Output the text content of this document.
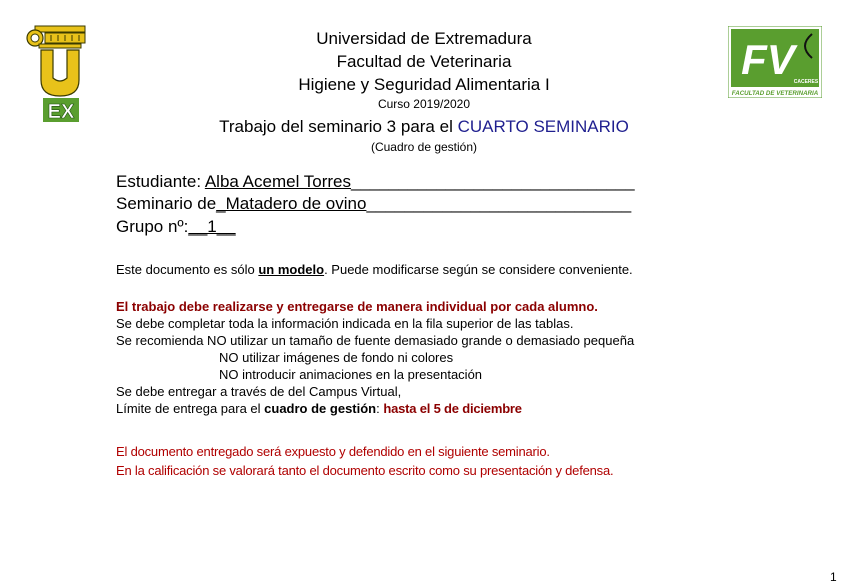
EX
FV
CACERES
FACULTAD DE VETERINARIA
Universidad de Extremadura
Facultad de Veterinaria
Higiene y Seguridad Alimentaria I
Curso 2019/2020
Trabajo del seminario 3 para el CUARTO SEMINARIO
(Cuadro de gestión)
Estudiante: Alba Acemel Torres______________________________
Seminario de_Matadero de ovino____________________________
Grupo nº:__1__
Este documento es sólo un modelo. Puede modificarse según se considere conveniente.
El trabajo debe realizarse y entregarse de manera individual por cada alumno.
Se debe completar toda la información indicada en la fila superior de las tablas.
Se recomienda NO utilizar un tamaño de fuente demasiado grande o demasiado pequeña
NO utilizar imágenes de fondo ni colores
NO introducir animaciones en la presentación
Se debe entregar a través de del Campus Virtual,
Límite de entrega para el cuadro de gestión: hasta el 5 de diciembre
El documento entregado será expuesto y defendido en el siguiente seminario.
En la calificación se valorará tanto el documento escrito como su presentación y defensa.
1
